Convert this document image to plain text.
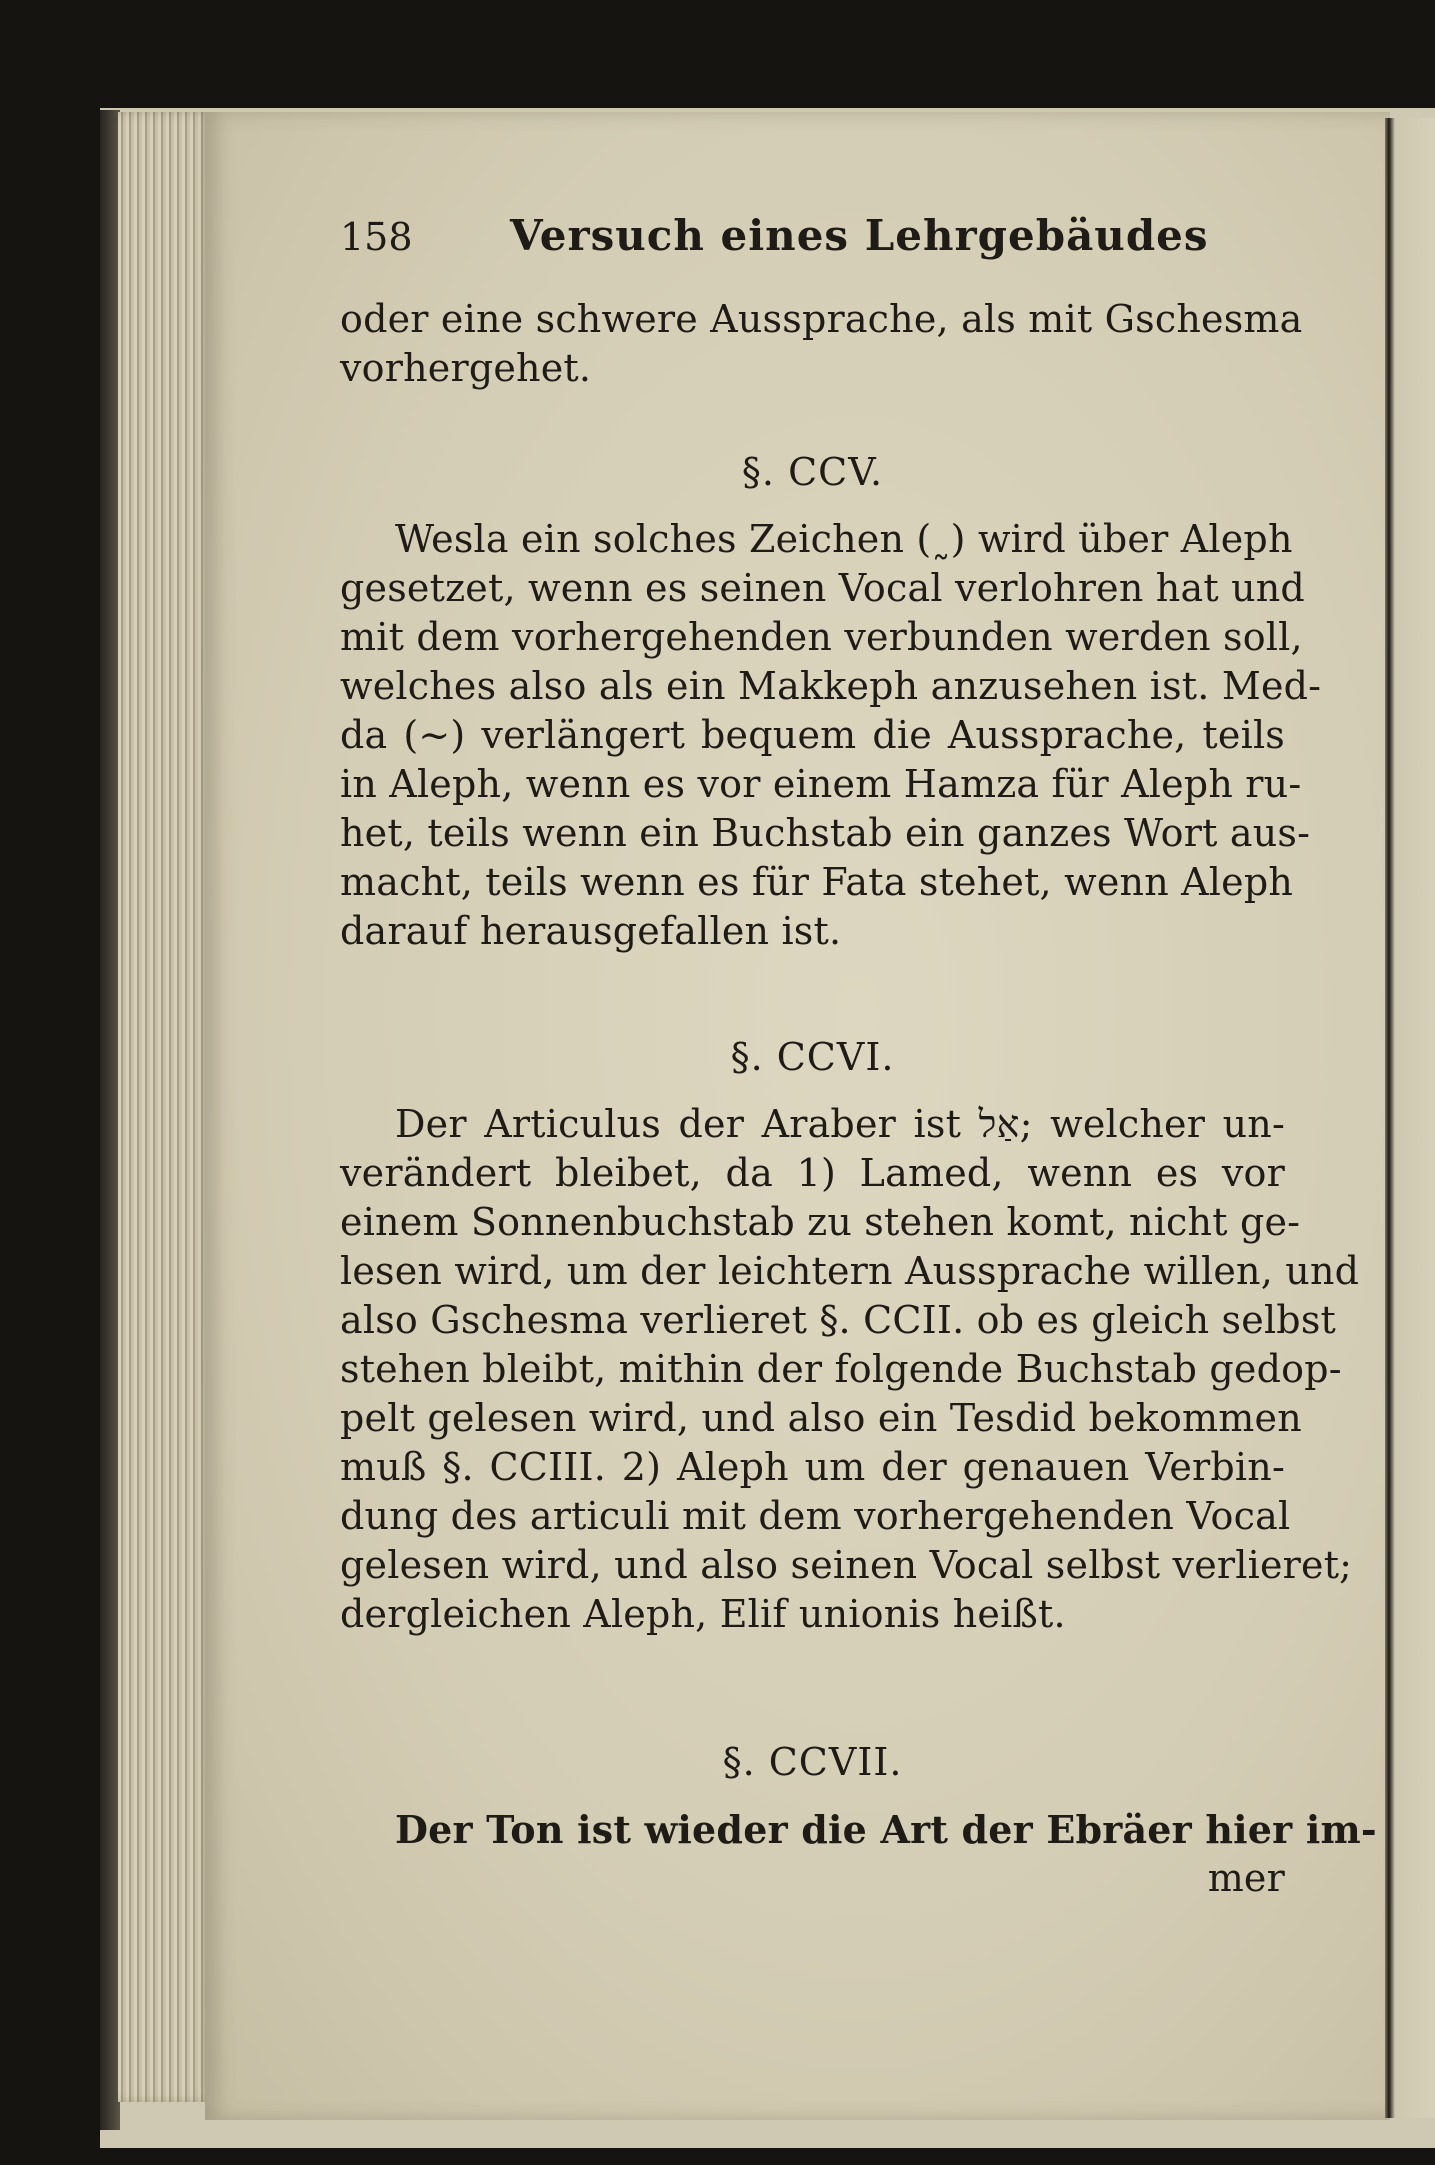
158 Versuch eines Lehrgebäudes
oder eine schwere Aussprache, als mit Gschesma
vorhergehet.
§. CCV.
Wesla ein solches Zeichen (˷) wird über Aleph
gesetzet, wenn es seinen Vocal verlohren hat und
mit dem vorhergehenden verbunden werden soll,
welches also als ein Makkeph anzusehen ist. Med-
da (~) verlängert bequem die Aussprache, teils
in Aleph, wenn es vor einem Hamza für Aleph ru-
het, teils wenn ein Buchstab ein ganzes Wort aus-
macht, teils wenn es für Fata stehet, wenn Aleph
darauf herausgefallen ist.
§. CCVI.
Der Articulus der Araber ist אַל; welcher un-
verändert bleibet, da 1) Lamed, wenn es vor
einem Sonnenbuchstab zu stehen komt, nicht ge-
lesen wird, um der leichtern Aussprache willen, und
also Gschesma verlieret §. CCII. ob es gleich selbst
stehen bleibt, mithin der folgende Buchstab gedop-
pelt gelesen wird, und also ein Tesdid bekommen
muß §. CCIII. 2) Aleph um der genauen Verbin-
dung des articuli mit dem vorhergehenden Vocal
gelesen wird, und also seinen Vocal selbst verlieret;
dergleichen Aleph, Elif unionis heißt.
§. CCVII.
Der Ton ist wieder die Art der Ebräer hier im-
mer
